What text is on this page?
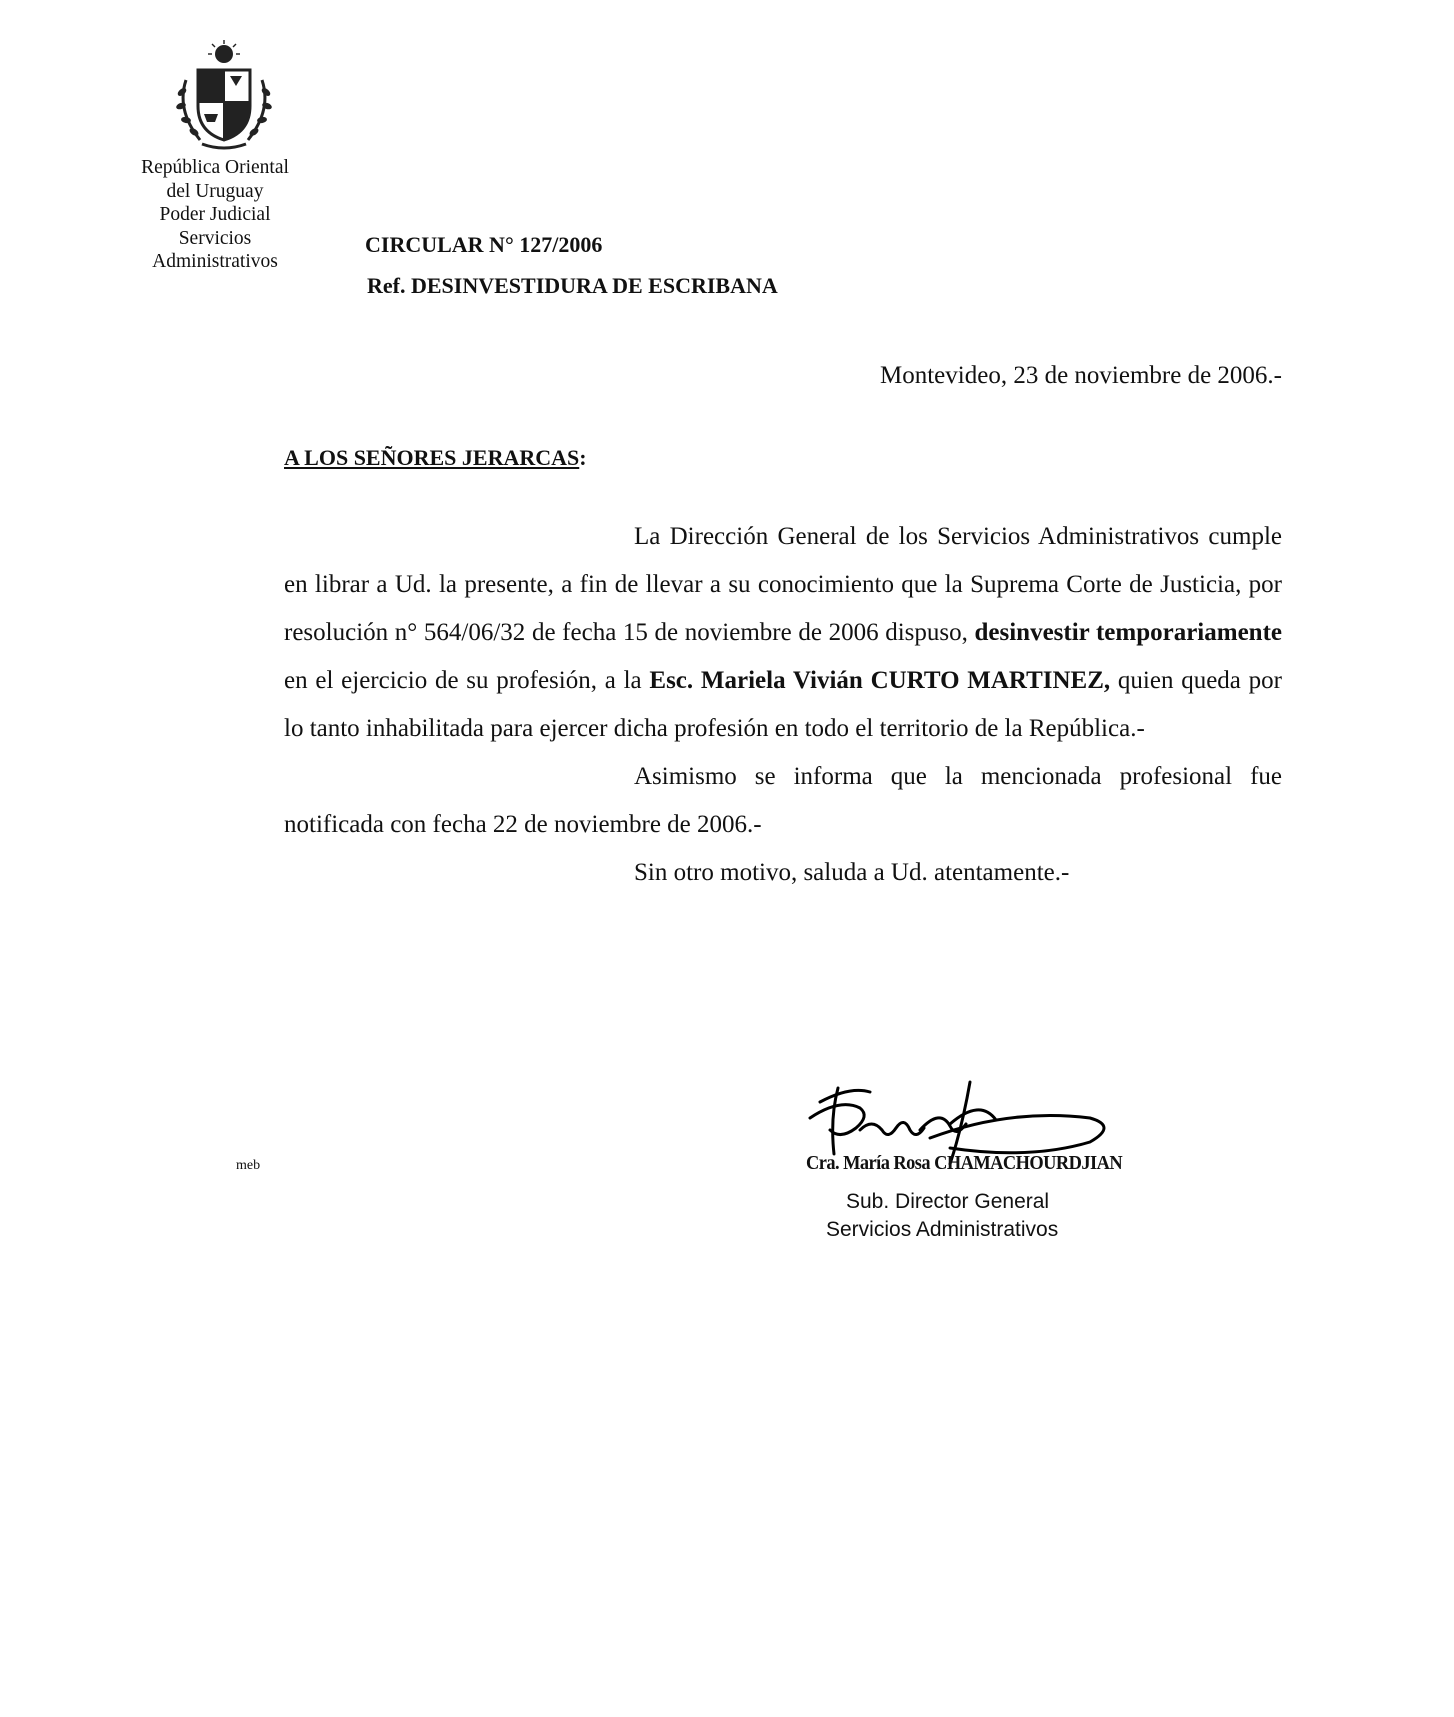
República Oriental
del Uruguay
Poder Judicial
Servicios
Administrativos
CIRCULAR N° 127/2006
Ref. DESINVESTIDURA DE ESCRIBANA
Montevideo, 23 de noviembre de 2006.-
A LOS SEÑORES JERARCAS:

La Dirección General de los Servicios Administrativos cumple en librar a Ud. la presente, a fin de llevar a su conocimiento que la Suprema Corte de Justicia, por resolución n° 564/06/32 de fecha 15 de noviembre de 2006 dispuso, desinvestir temporariamente en el ejercicio de su profesión, a la Esc. Mariela Vivián CURTO MARTINEZ, quien queda por lo tanto inhabilitada para ejercer dicha profesión en todo el territorio de la República.-

Asimismo se informa que la mencionada profesional fue notificada con fecha 22 de noviembre de 2006.-

Sin otro motivo, saluda a Ud. atentamente.-

Cra. María Rosa CHAMACHOURDJIAN
Sub. Director General
Servicios Administrativos
meb
